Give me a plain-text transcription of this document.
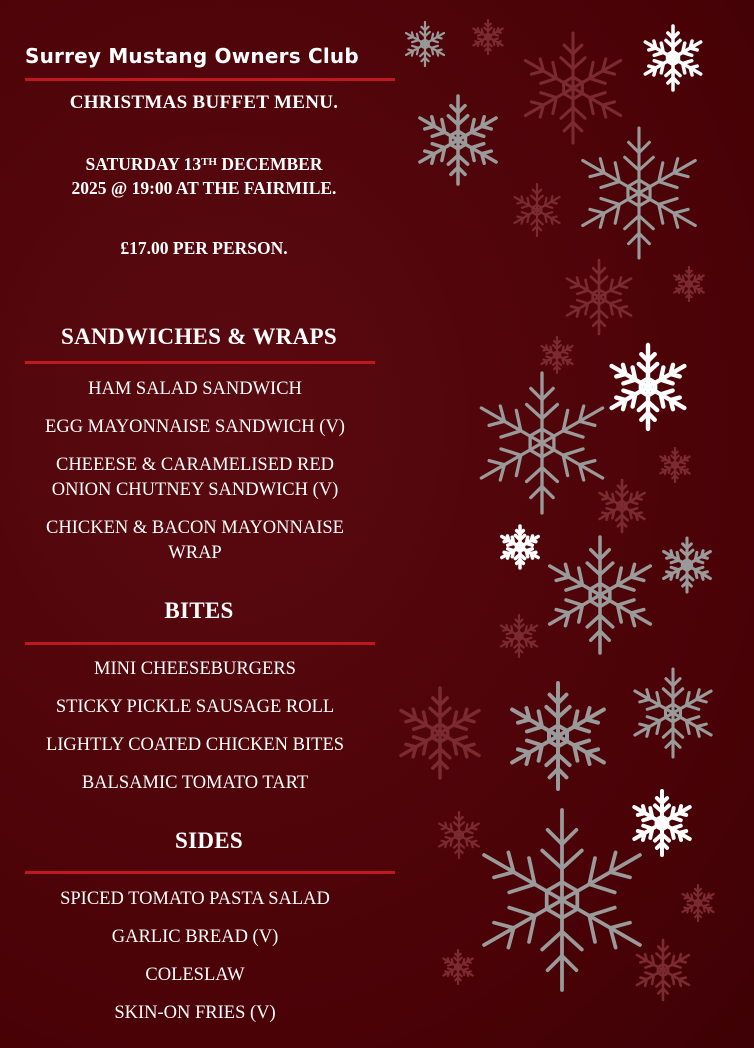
Surrey Mustang Owners Club
CHRISTMAS BUFFET MENU.
SATURDAY 13TH DECEMBER
2025 @ 19:00 AT THE FAIRMILE.
£17.00 PER PERSON.
SANDWICHES & WRAPS
HAM SALAD SANDWICH
EGG MAYONNAISE SANDWICH (V)
CHEEESE & CARAMELISED RED
ONION CHUTNEY SANDWICH (V)
CHICKEN & BACON MAYONNAISE
WRAP
BITES
MINI CHEESEBURGERS
STICKY PICKLE SAUSAGE ROLL
LIGHTLY COATED CHICKEN BITES
BALSAMIC TOMATO TART
SIDES
SPICED TOMATO PASTA SALAD
GARLIC BREAD (V)
COLESLAW
SKIN-ON FRIES (V)
